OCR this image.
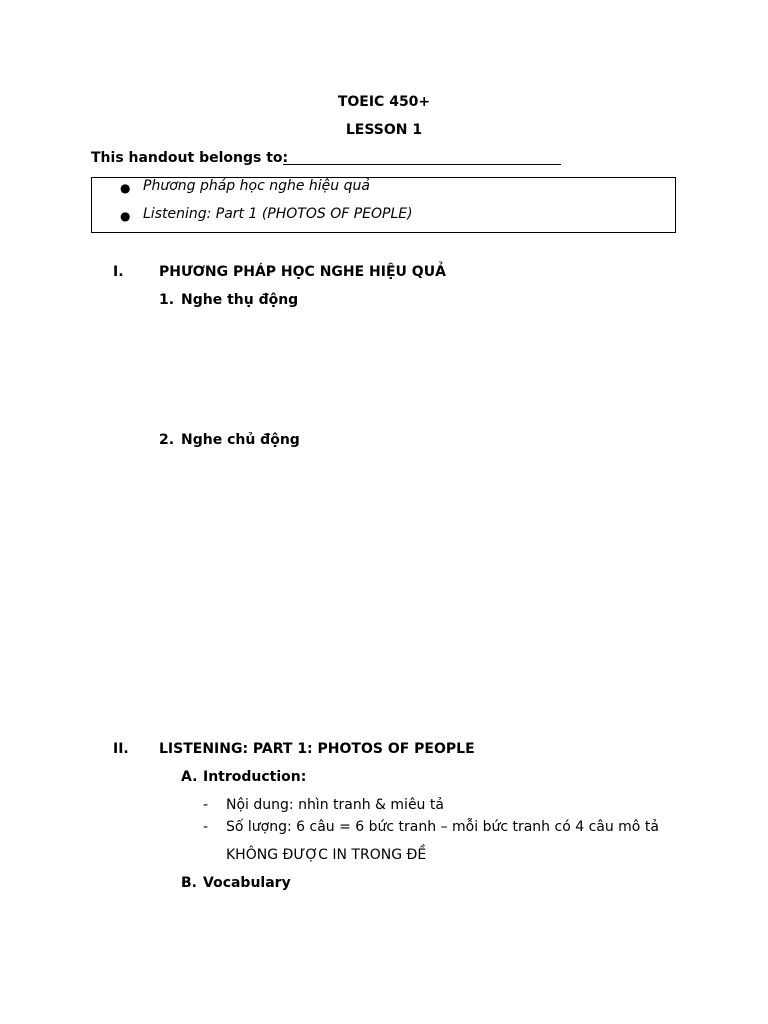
TOEIC 450+
LESSON 1
This handout belongs to:
● Phương pháp học nghe hiệu quả
● Listening: Part 1 (PHOTOS OF PEOPLE)
I.	PHƯƠNG PHÁP HỌC NGHE HIỆU QUẢ
1. Nghe thụ động
2. Nghe chủ động
II. LISTENING: PART 1: PHOTOS OF PEOPLE
A. Introduction:
- Nội dung: nhìn tranh & miêu tả
- Số lượng: 6 câu = 6 bức tranh – mỗi bức tranh có 4 câu mô tả
KHÔNG ĐƯỢC IN TRONG ĐỀ
B. Vocabulary
